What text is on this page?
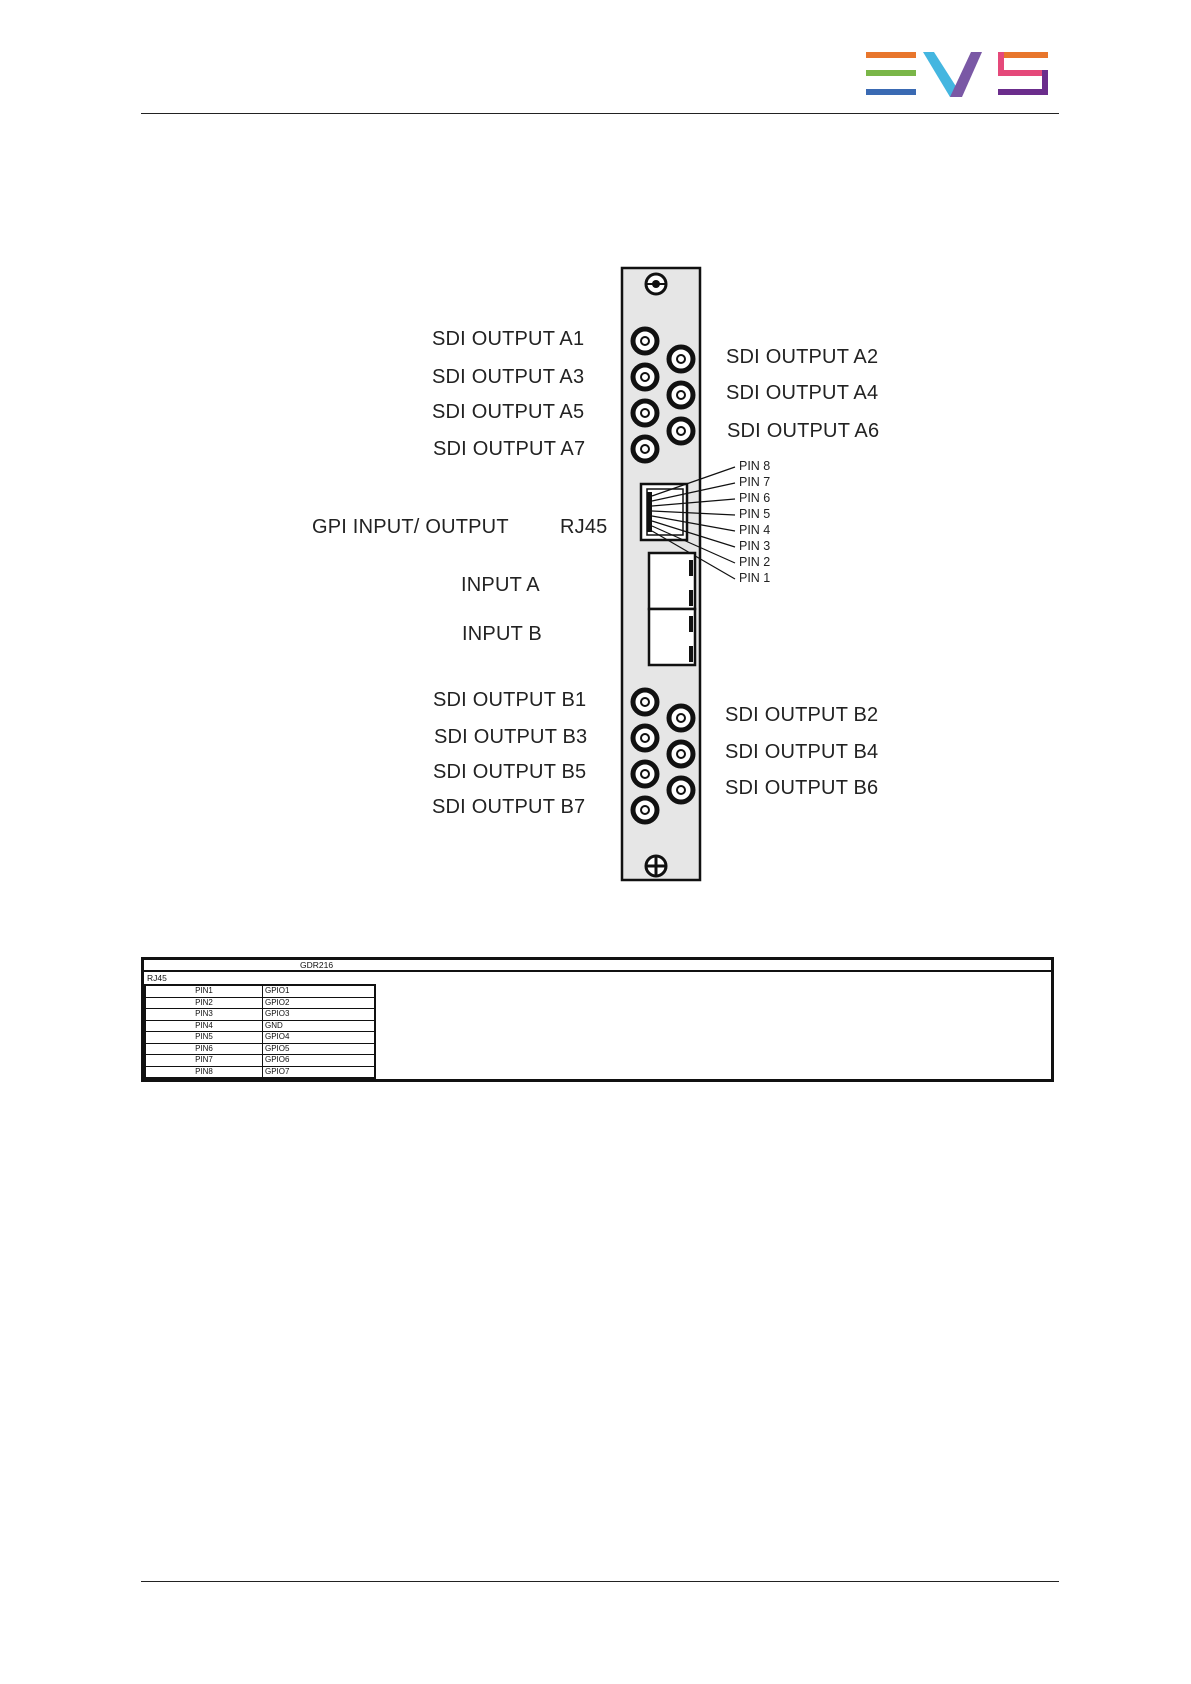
SDI OUTPUT A1
SDI OUTPUT A3
SDI OUTPUT A5
SDI OUTPUT A7
GPI INPUT/ OUTPUT	RJ45
INPUT A
INPUT B
SDI OUTPUT B1
SDI OUTPUT B3
SDI OUTPUT B5
SDI OUTPUT B7
SDI OUTPUT A2
SDI OUTPUT A4
SDI OUTPUT A6
SDI OUTPUT B2
SDI OUTPUT B4
SDI OUTPUT B6
PIN 8
PIN 7
PIN 6
PIN 5
PIN 4
PIN 3
PIN 2
PIN 1
GDR216
RJ45
PIN1	GPIO1
PIN2	GPIO2
PIN3	GPIO3
PIN4	GND
PIN5	GPIO4
PIN6	GPIO5
PIN7	GPIO6
PIN8	GPIO7
